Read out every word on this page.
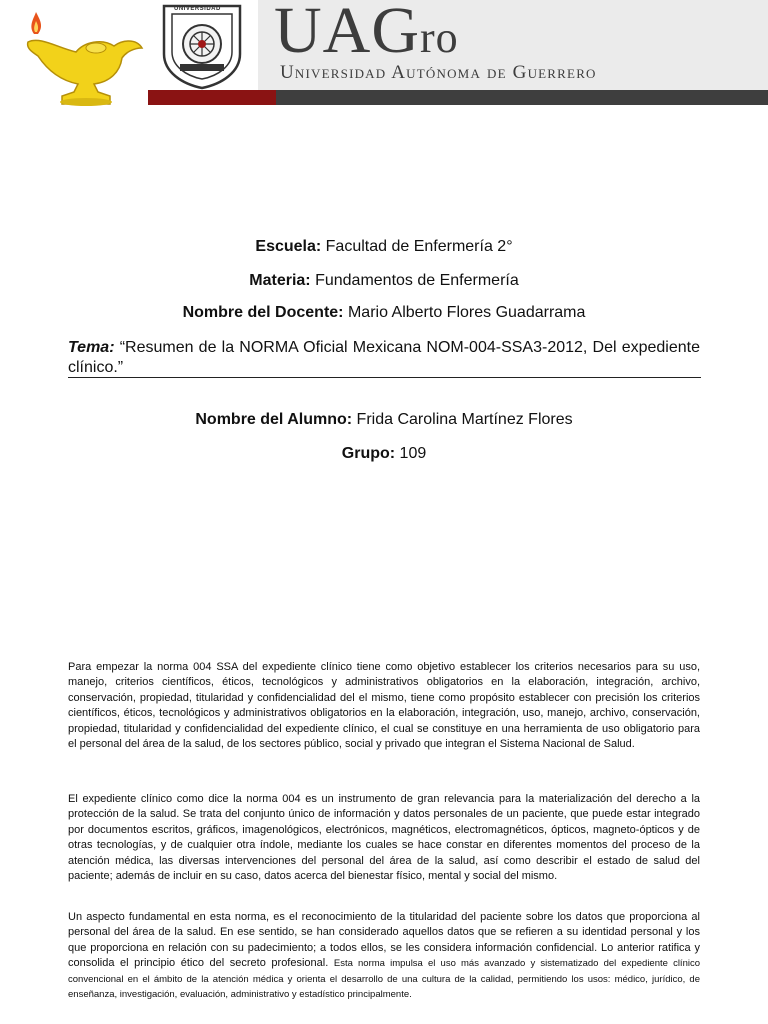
UNIVERSIDAD UAGro
Universidad Autónoma de Guerrero
Escuela: Facultad de Enfermería 2°
Materia: Fundamentos de Enfermería
Nombre del Docente: Mario Alberto Flores Guadarrama
Tema: “Resumen de la NORMA Oficial Mexicana NOM-004-SSA3-2012, Del expediente clínico.”
Nombre del Alumno: Frida Carolina Martínez Flores
Grupo: 109

Para empezar la norma 004 SSA del expediente clínico tiene como objetivo establecer los criterios necesarios para su uso, manejo, criterios científicos, éticos, tecnológicos y administrativos obligatorios en la elaboración, integración, archivo, conservación, propiedad, titularidad y confidencialidad del el mismo, tiene como propósito establecer con precisión los criterios científicos, éticos, tecnológicos y administrativos obligatorios en la elaboración, integración, uso, manejo, archivo, conservación, propiedad, titularidad y confidencialidad del expediente clínico, el cual se constituye en una herramienta de uso obligatorio para el personal del área de la salud, de los sectores público, social y privado que integran el Sistema Nacional de Salud.

El expediente clínico como dice la norma 004 es un instrumento de gran relevancia para la materialización del derecho a la protección de la salud. Se trata del conjunto único de información y datos personales de un paciente, que puede estar integrado por documentos escritos, gráficos, imagenológicos, electrónicos, magnéticos, electromagnéticos, ópticos, magneto-ópticos y de otras tecnologías, y de cualquier otra índole, mediante los cuales se hace constar en diferentes momentos del proceso de la atención médica, las diversas intervenciones del personal del área de la salud, así como describir el estado de salud del paciente; además de incluir en su caso, datos acerca del bienestar físico, mental y social del mismo.

Un aspecto fundamental en esta norma, es el reconocimiento de la titularidad del paciente sobre los datos que proporciona al personal del área de la salud. En ese sentido, se han considerado aquellos datos que se refieren a su identidad personal y los que proporciona en relación con su padecimiento; a todos ellos, se les considera información confidencial. Lo anterior ratifica y consolida el principio ético del secreto profesional. Esta norma impulsa el uso más avanzado y sistematizado del expediente clínico convencional en el ámbito de la atención médica y orienta el desarrollo de una cultura de la calidad, permitiendo los usos: médico, jurídico, de enseñanza, investigación, evaluación, administrativo y estadístico principalmente.
